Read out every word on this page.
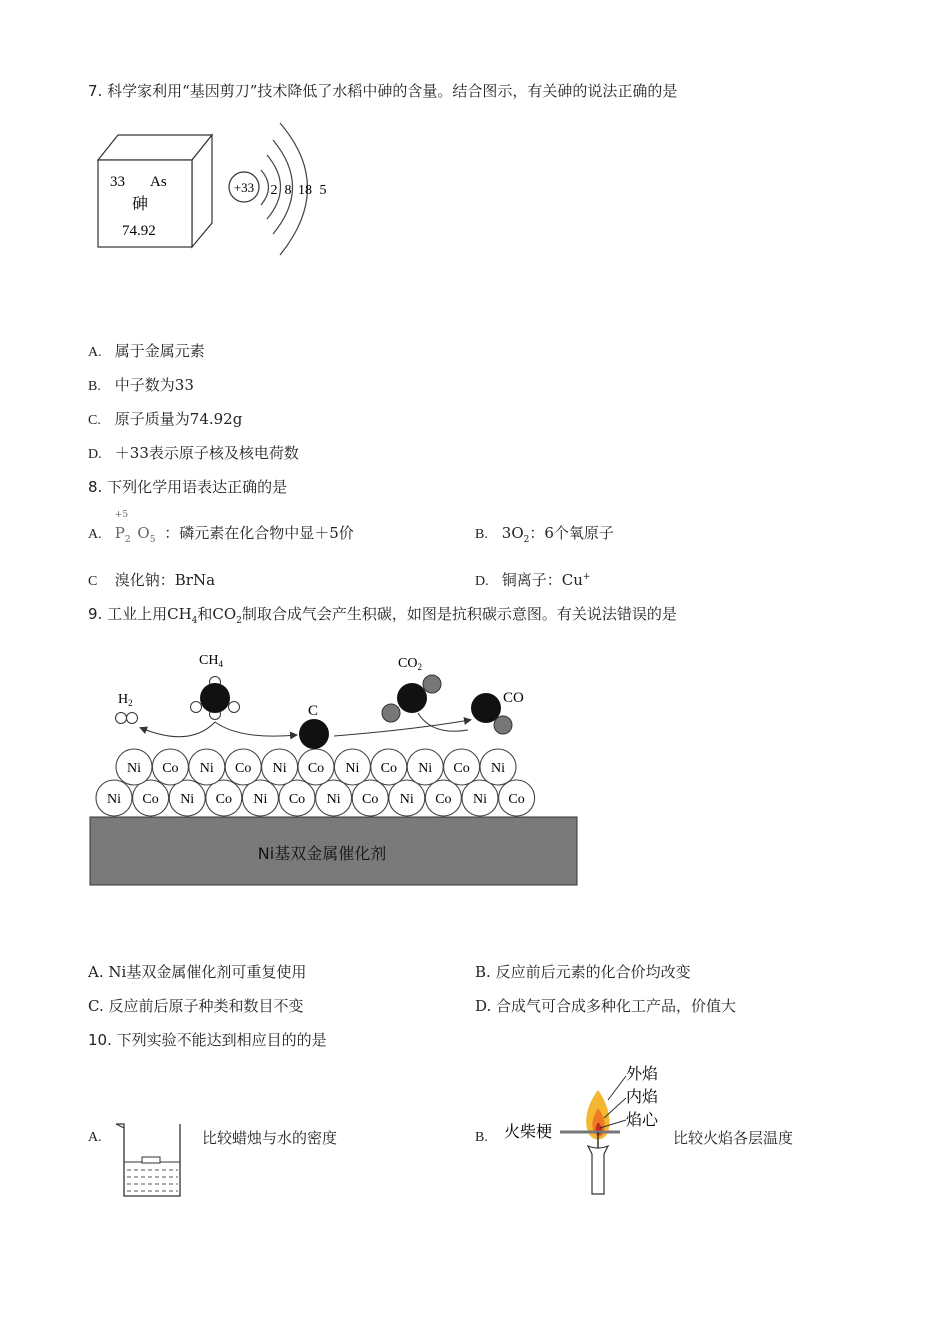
7. 科学家利用“基因剪刀”技术降低了水稻中砷的含量。结合图示，有关砷的说法正确的是
33 As
砷
74.92
+33 2 8 18 5
A. 属于金属元素
B. 中子数为33
C. 原子质量为74.92g
D. ＋33表示原子核及核电荷数
8. 下列化学用语表达正确的是
A.
+5
$P_2$ $O_5$ ：磷元素在化合物中显＋5价	B. $3O_2$：6个氧原子
C 溴化钠：BrNa	D. 铜离子：Cu+
9. 工业上用$CH_4$和$CO_2$制取合成气会产生积碳，如图是抗积碳示意图。有关说法错误的是
Ni Co Ni Co Ni Co Ni Co Ni Co Ni Co
Ni Co Ni Co Ni Co Ni Co Ni Co Ni
Ni基双金属催化剂
$H_2$
$CH_4$
C
$CO_2$
CO
A. Ni基双金属催化剂可重复使用	B. 反应前后元素的化合价均改变
C. 反应前后原子种类和数目不变	D. 合成气可合成多种化工产品，价值大
10. 下列实验不能达到相应目的的是
A.	比较蜡烛与水的密度	B.
外焰
内焰
焰心
火柴梗	比较火焰各层温度
